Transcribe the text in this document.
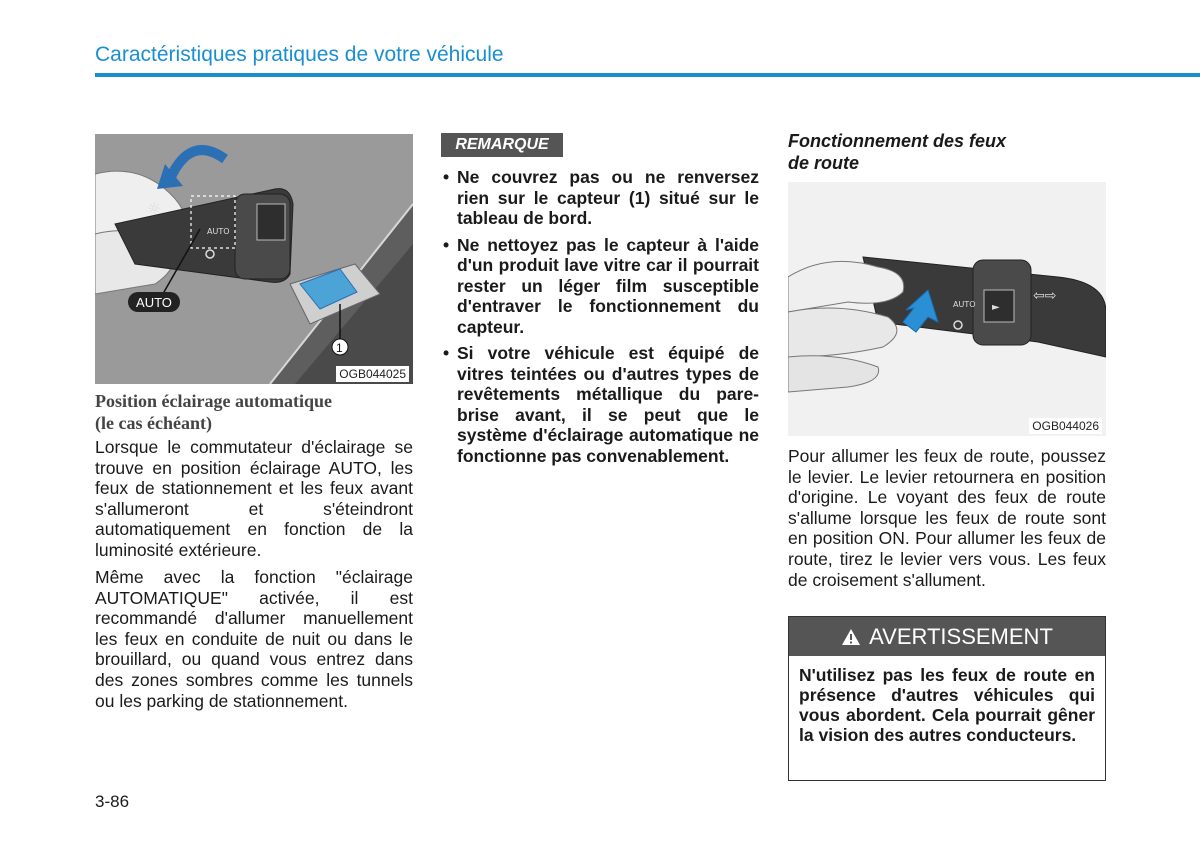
Caractéristiques pratiques de votre véhicule
☼
AUTO
1
AUTO
OGB044025
Position éclairage automatique
(le cas échéant)

Lorsque le commutateur d'éclairage se trouve en position éclairage AUTO, les feux de stationnement et les feux avant s'allumeront et s'éteindront automatiquement en fonction de la luminosité extérieure.

Même avec la fonction "éclairage AUTOMATIQUE" activée, il est recommandé d'allumer manuellement les feux en conduite de nuit ou dans le brouillard, ou quand vous entrez dans des zones sombres comme les tunnels ou les parking de stationnement.

REMARQUE
• Ne couvrez pas ou ne renversez rien sur le capteur (1) situé sur le tableau de bord.
• Ne nettoyez pas le capteur à l'aide d'un produit lave vitre car il pourrait rester un léger film susceptible d'entraver le fonctionnement du capteur.
• Si votre véhicule est équipé de vitres teintées ou d'autres types de revêtements métallique du pare-brise avant, il se peut que le système d'éclairage automatique ne fonctionne pas convenablement.
Fonctionnement des feux
de route
►
AUTO
⇦⇨
OGB044026

Pour allumer les feux de route, poussez le levier. Le levier retournera en position d'origine. Le voyant des feux de route s'allume lorsque les feux de route sont en position ON. Pour allumer les feux de route, tirez le levier vers vous. Les feux de croisement s'allument.

AVERTISSEMENT
N'utilisez pas les feux de route en présence d'autres véhicules qui vous abordent. Cela pourrait gêner la vision des autres conducteurs.
3-86
